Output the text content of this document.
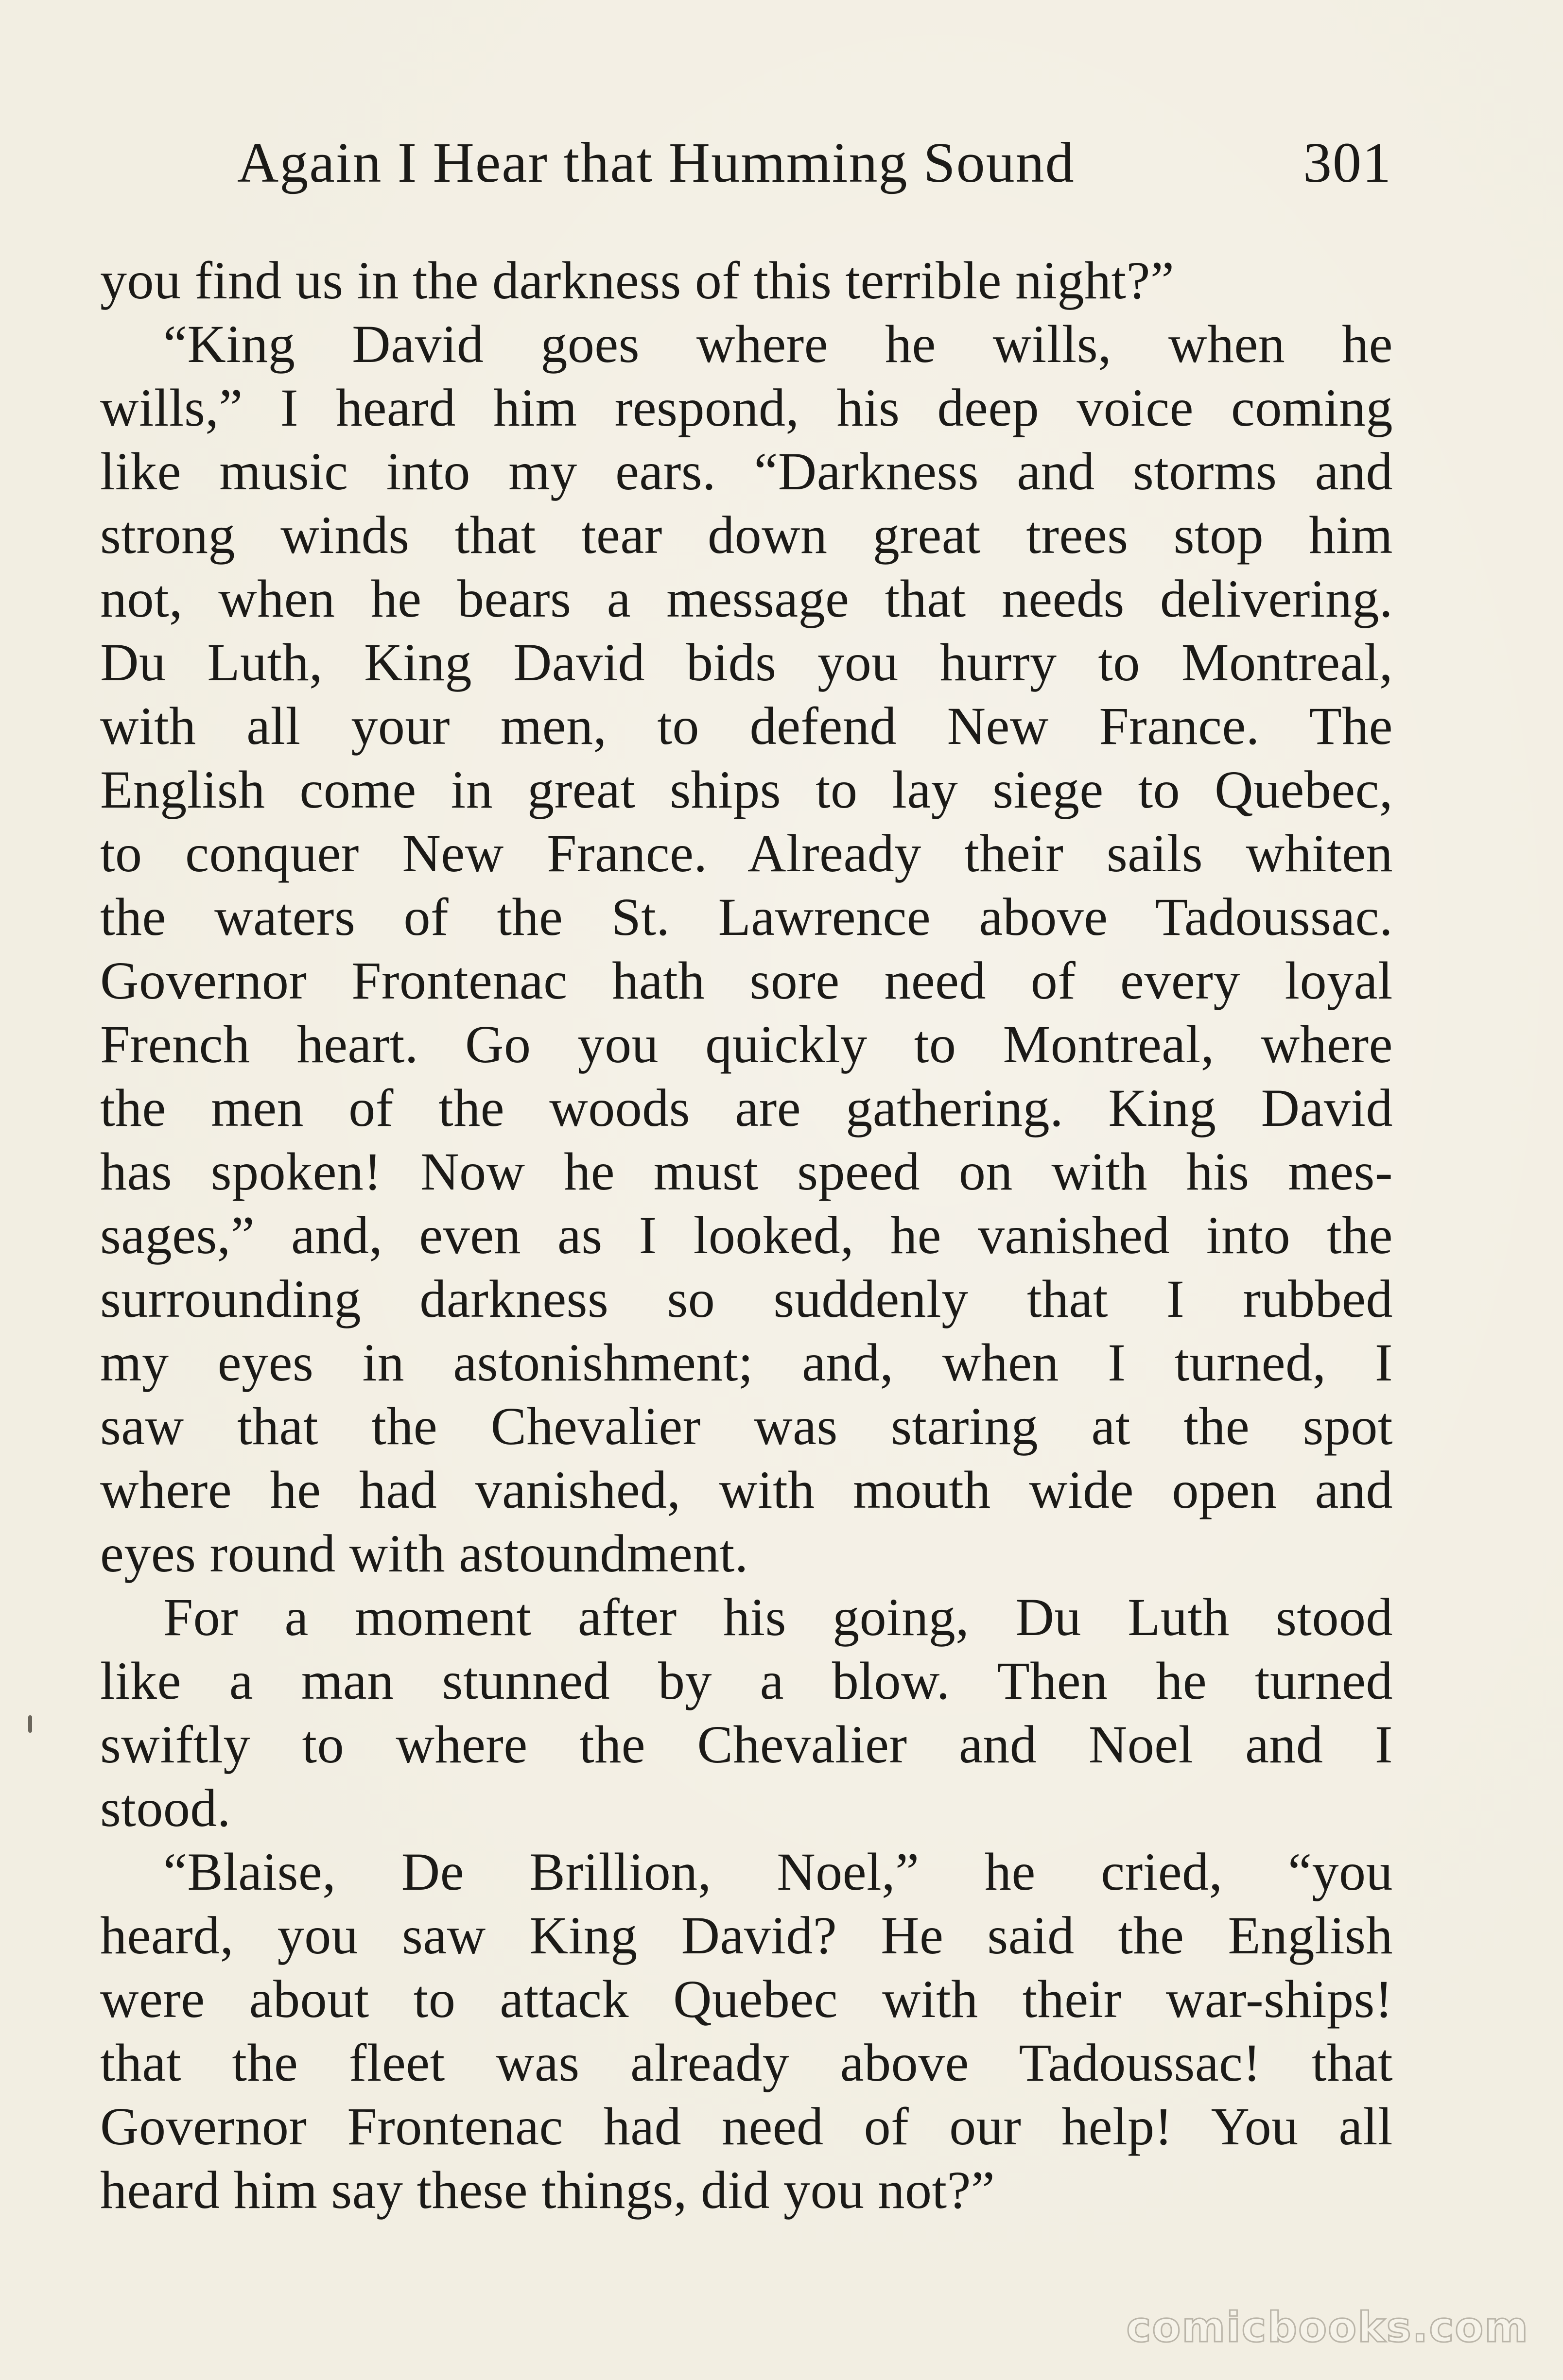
Again I Hear that Humming Sound	301
you find us in the darkness of this terrible night?”
“King David goes where he wills, when he
wills,” I heard him respond, his deep voice coming
like music into my ears. “Darkness and storms and
strong winds that tear down great trees stop him
not, when he bears a message that needs delivering.
Du Luth, King David bids you hurry to Montreal,
with all your men, to defend New France. The
English come in great ships to lay siege to Quebec,
to conquer New France. Already their sails whiten
the waters of the St. Lawrence above Tadoussac.
Governor Frontenac hath sore need of every loyal
French heart. Go you quickly to Montreal, where
the men of the woods are gathering. King David
has spoken! Now he must speed on with his mes-
sages,” and, even as I looked, he vanished into the
surrounding darkness so suddenly that I rubbed
my eyes in astonishment; and, when I turned, I
saw that the Chevalier was staring at the spot
where he had vanished, with mouth wide open and
eyes round with astoundment.
For a moment after his going, Du Luth stood
like a man stunned by a blow. Then he turned
swiftly to where the Chevalier and Noel and I
stood.
“Blaise, De Brillion, Noel,” he cried, “you
heard, you saw King David? He said the English
were about to attack Quebec with their war-ships!
that the fleet was already above Tadoussac! that
Governor Frontenac had need of our help! You all
heard him say these things, did you not?”
comicbooks.com
